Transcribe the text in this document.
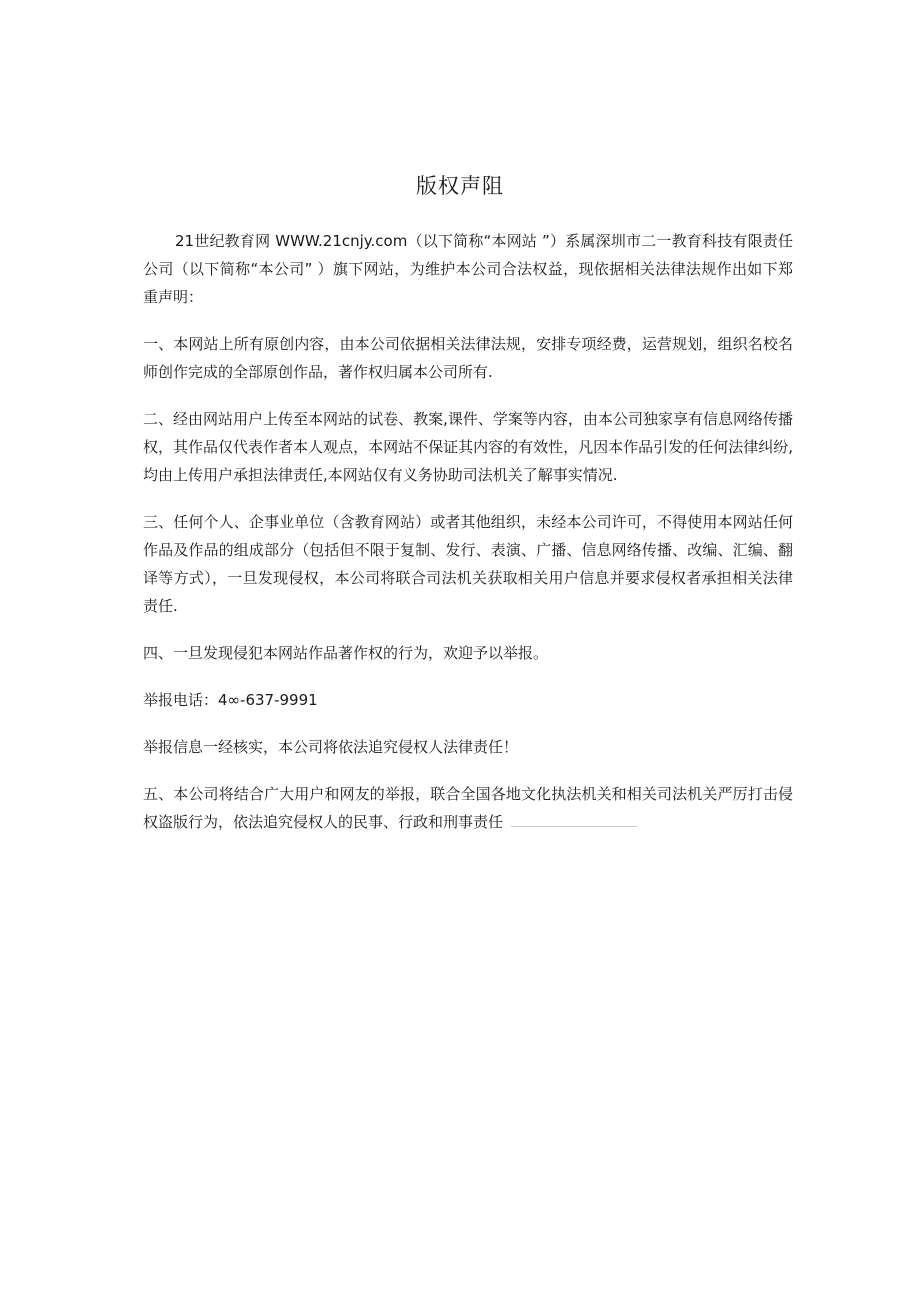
版权声阻

21世纪教育网 WWW.21cnjy.com（以下简称“本网站 ”）系属深圳市二一教育科技有限责任公司（以下简称“本公司” ）旗下网站，为维护本公司合法权益，现依据相关法律法规作出如下郑重声明：

一、本网站上所有原创内容，由本公司依据相关法律法规，安排专项经费，运营规划，组织名校名师创作完成的全部原创作品，著作权归属本公司所有.

二、经由网站用户上传至本网站的试卷、教案,课件、学案等内容，由本公司独家享有信息网络传播权，其作品仅代表作者本人观点，本网站不保证其内容的有效性，凡因本作品引发的任何法律纠纷,均由上传用户承担法律责任,本网站仅有义务协助司法机关了解事实情况.

三、任何个人、企事业单位（含教育网站）或者其他组织，未经本公司许可，不得使用本网站任何作品及作品的组成部分（包括但不限于复制、发行、表演、广播、信息网络传播、改编、汇编、翻译等方式），一旦发现侵权，本公司将联合司法机关获取相关用户信息并要求侵权者承担相关法律责任.

四、一旦发现侵犯本网站作品著作权的行为，欢迎予以举报。

举报电话：4∞-637-9991

举报信息一经核实，本公司将依法追究侵权人法律责任！

五、本公司将结合广大用户和网友的举报，联合全国各地文化执法机关和相关司法机关严厉打击侵权盗版行为，依法追究侵权人的民事、行政和刑事责任
